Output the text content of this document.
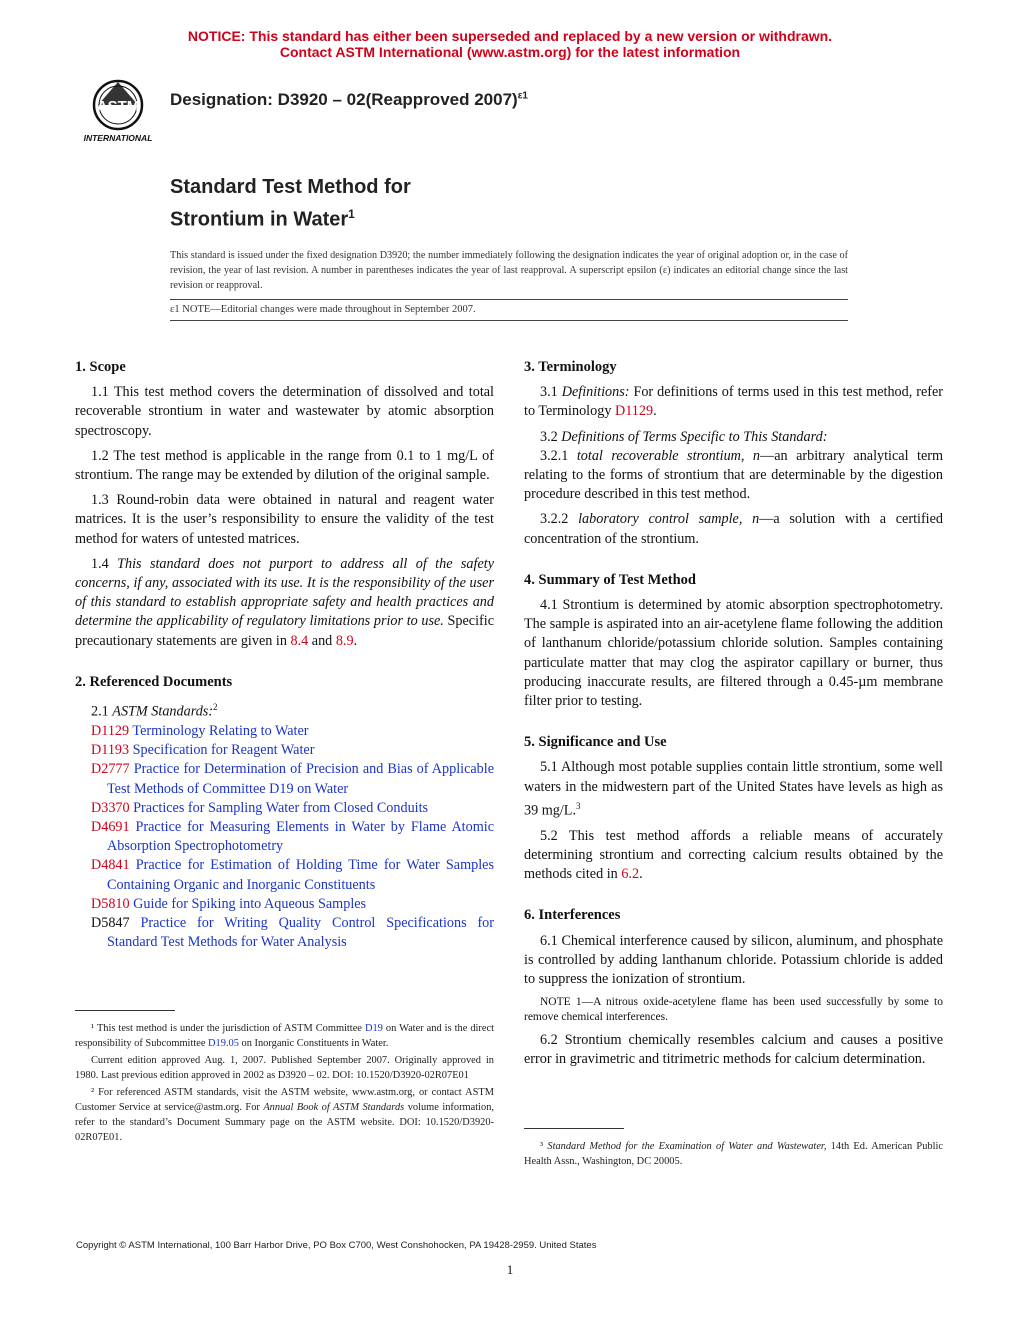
NOTICE: This standard has either been superseded and replaced by a new version or withdrawn.
Contact ASTM International (www.astm.org) for the latest information
ASTM
INTERNATIONAL
Designation: D3920 – 02(Reapproved 2007)$^{\varepsilon 1}$
Standard Test Method for
Strontium in Water$^1$
This standard is issued under the fixed designation D3920; the number immediately following the designation indicates the year of original adoption or, in the case of revision, the year of last revision. A number in parentheses indicates the year of last reapproval. A superscript epsilon (ε) indicates an editorial change since the last revision or reapproval.
ε1 NOTE—Editorial changes were made throughout in September 2007.
1. Scope

1.1 This test method covers the determination of dissolved and total recoverable strontium in water and wastewater by atomic absorption spectroscopy.

1.2 The test method is applicable in the range from 0.1 to 1 mg/L of strontium. The range may be extended by dilution of the original sample.

1.3 Round-robin data were obtained in natural and reagent water matrices. It is the user’s responsibility to ensure the validity of the test method for waters of untested matrices.

1.4 This standard does not purport to address all of the safety concerns, if any, associated with its use. It is the responsibility of the user of this standard to establish appropriate safety and health practices and determine the applicability of regulatory limitations prior to use. Specific precautionary statements are given in 8.4 and 8.9.

2. Referenced Documents

2.1 ASTM Standards:$^2$

D1129 Terminology Relating to Water
D1193 Specification for Reagent Water
D2777 Practice for Determination of Precision and Bias of Applicable Test Methods of Committee D19 on Water
D3370 Practices for Sampling Water from Closed Conduits
D4691 Practice for Measuring Elements in Water by Flame Atomic Absorption Spectrophotometry
D4841 Practice for Estimation of Holding Time for Water Samples Containing Organic and Inorganic Constituents
D5810 Guide for Spiking into Aqueous Samples
D5847 Practice for Writing Quality Control Specifications for Standard Test Methods for Water Analysis

¹ This test method is under the jurisdiction of ASTM Committee D19 on Water and is the direct responsibility of Subcommittee D19.05 on Inorganic Constituents in Water.

Current edition approved Aug. 1, 2007. Published September 2007. Originally approved in 1980. Last previous edition approved in 2002 as D3920 – 02. DOI: 10.1520/D3920-02R07E01

² For referenced ASTM standards, visit the ASTM website, www.astm.org, or contact ASTM Customer Service at service@astm.org. For Annual Book of ASTM Standards volume information, refer to the standard’s Document Summary page on the ASTM website. DOI: 10.1520/D3920-02R07E01.

3. Terminology

3.1 Definitions: For definitions of terms used in this test method, refer to Terminology D1129.

3.2 Definitions of Terms Specific to This Standard:

3.2.1 total recoverable strontium, n—an arbitrary analytical term relating to the forms of strontium that are determinable by the digestion procedure described in this test method.

3.2.2 laboratory control sample, n—a solution with a certified concentration of the strontium.

4. Summary of Test Method

4.1 Strontium is determined by atomic absorption spectrophotometry. The sample is aspirated into an air-acetylene flame following the addition of lanthanum chloride/potassium chloride solution. Samples containing particulate matter that may clog the aspirator capillary or burner, thus producing inaccurate results, are filtered through a 0.45-µm membrane filter prior to testing.

5. Significance and Use

5.1 Although most potable supplies contain little strontium, some well waters in the midwestern part of the United States have levels as high as 39 mg/L.$^3$

5.2 This test method affords a reliable means of accurately determining strontium and correcting calcium results obtained by the methods cited in 6.2.

6. Interferences

6.1 Chemical interference caused by silicon, aluminum, and phosphate is controlled by adding lanthanum chloride. Potassium chloride is added to suppress the ionization of strontium.

NOTE 1—A nitrous oxide-acetylene flame has been used successfully by some to remove chemical interferences.

6.2 Strontium chemically resembles calcium and causes a positive error in gravimetric and titrimetric methods for calcium determination.

³ Standard Method for the Examination of Water and Wastewater, 14th Ed. American Public Health Assn., Washington, DC 20005.

Copyright © ASTM International, 100 Barr Harbor Drive, PO Box C700, West Conshohocken, PA 19428-2959. United States
1
